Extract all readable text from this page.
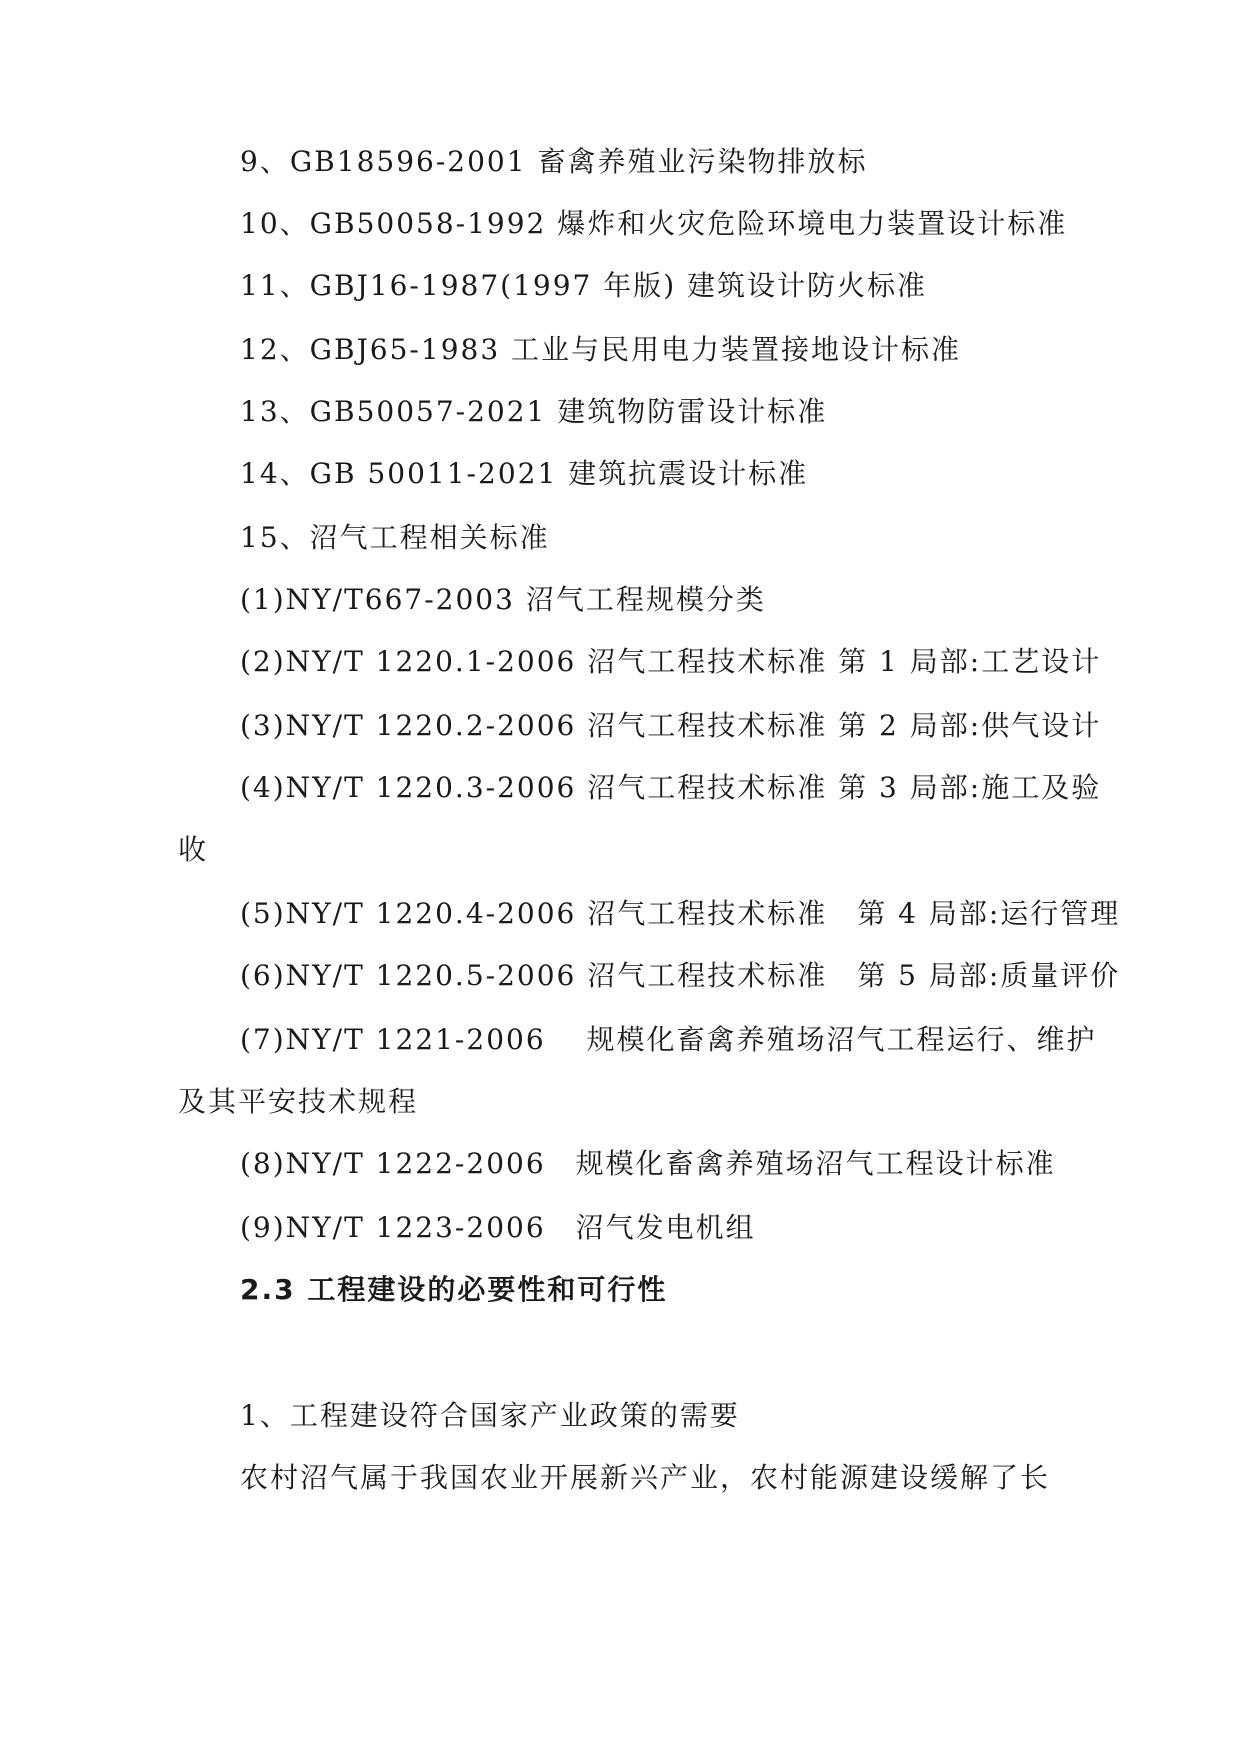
9、GB18596-2001 畜禽养殖业污染物排放标
10、GB50058-1992 爆炸和火灾危险环境电力装置设计标准
11、GBJ16-1987(1997 年版) 建筑设计防火标准
12、GBJ65-1983 工业与民用电力装置接地设计标准
13、GB50057-2021 建筑物防雷设计标准
14、GB 50011-2021 建筑抗震设计标准
15、沼气工程相关标准
(1)NY/T667-2003 沼气工程规模分类
(2)NY/T 1220.1-2006 沼气工程技术标准 第 1 局部:工艺设计
(3)NY/T 1220.2-2006 沼气工程技术标准 第 2 局部:供气设计
(4)NY/T 1220.3-2006 沼气工程技术标准 第 3 局部:施工及验
收
(5)NY/T 1220.4-2006 沼气工程技术标准　第 4 局部:运行管理
(6)NY/T 1220.5-2006 沼气工程技术标准　第 5 局部:质量评价
(7)NY/T 1221-2006　 规模化畜禽养殖场沼气工程运行、维护
及其平安技术规程
(8)NY/T 1222-2006　规模化畜禽养殖场沼气工程设计标准
(9)NY/T 1223-2006　沼气发电机组
2.3 工程建设的必要性和可行性
1、工程建设符合国家产业政策的需要
农村沼气属于我国农业开展新兴产业，农村能源建设缓解了长
